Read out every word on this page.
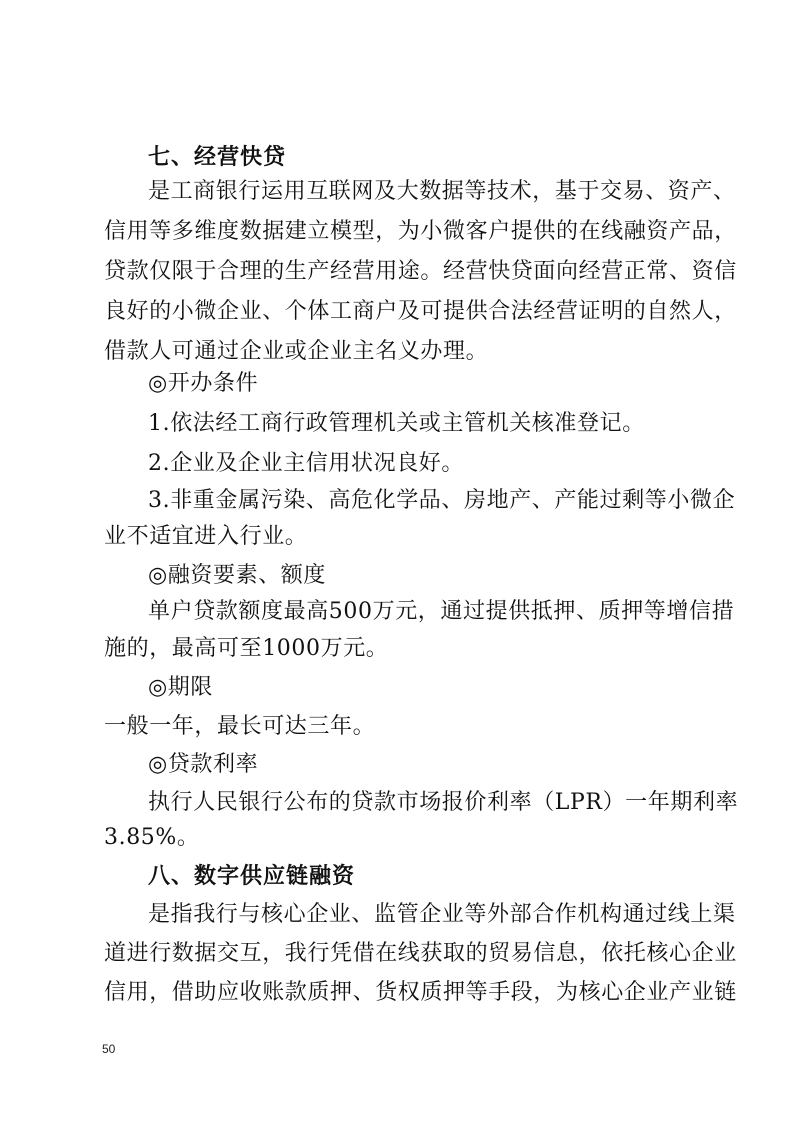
七、经营快贷
是工商银行运用互联网及大数据等技术，基于交易、资产、
信用等多维度数据建立模型，为小微客户提供的在线融资产品，
贷款仅限于合理的生产经营用途。经营快贷面向经营正常、资信
良好的小微企业、个体工商户及可提供合法经营证明的自然人，
借款人可通过企业或企业主名义办理。
◎开办条件
1.依法经工商行政管理机关或主管机关核准登记。
2.企业及企业主信用状况良好。
3.非重金属污染、高危化学品、房地产、产能过剩等小微企
业不适宜进入行业。
◎融资要素、额度
单户贷款额度最高500万元，通过提供抵押、质押等增信措
施的，最高可至1000万元。
◎期限
一般一年，最长可达三年。
◎贷款利率
执行人民银行公布的贷款市场报价利率（LPR）一年期利率
3.85%。
八、数字供应链融资
是指我行与核心企业、监管企业等外部合作机构通过线上渠
道进行数据交互，我行凭借在线获取的贸易信息，依托核心企业
信用，借助应收账款质押、货权质押等手段，为核心企业产业链
50
